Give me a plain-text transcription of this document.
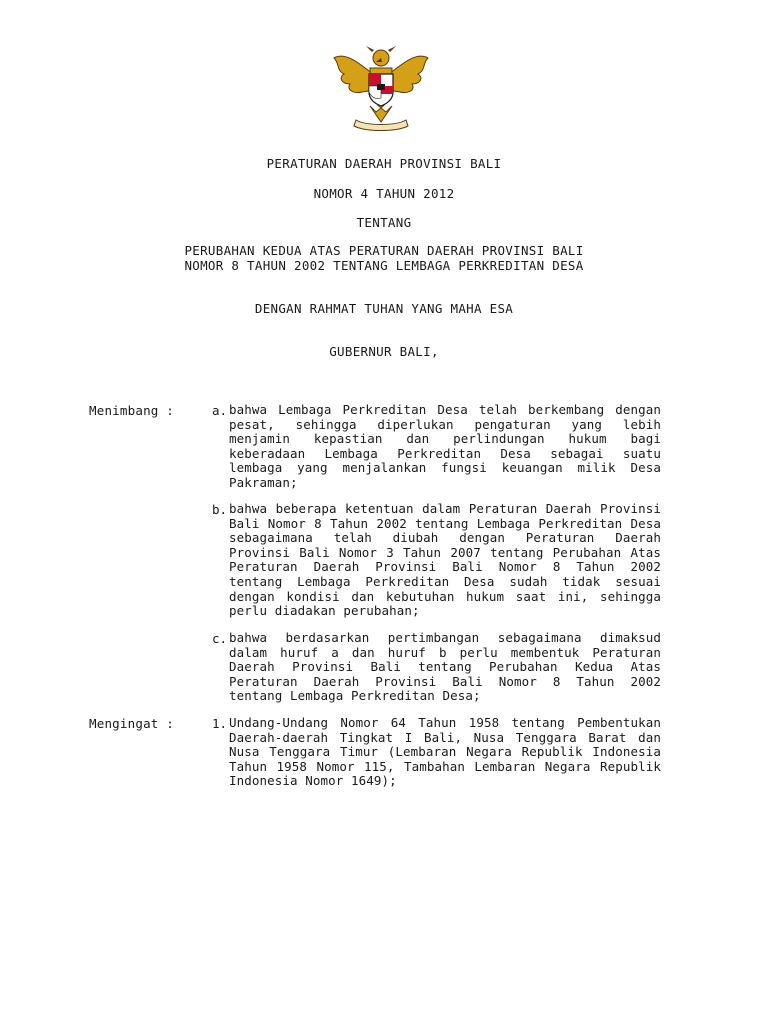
PERATURAN DAERAH PROVINSI BALI
NOMOR 4 TAHUN 2012
TENTANG
PERUBAHAN KEDUA ATAS PERATURAN DAERAH PROVINSI BALI
NOMOR 8 TAHUN 2002 TENTANG LEMBAGA PERKREDITAN DESA
DENGAN RAHMAT TUHAN YANG MAHA ESA
GUBERNUR BALI,
Menimbang :	a. bahwa Lembaga Perkreditan Desa telah berkembang dengan pesat, sehingga diperlukan pengaturan yang lebih menjamin kepastian dan perlindungan hukum bagi keberadaan Lembaga Perkreditan Desa sebagai suatu lembaga yang menjalankan fungsi keuangan milik Desa Pakraman;
b. bahwa beberapa ketentuan dalam Peraturan Daerah Provinsi Bali Nomor 8 Tahun 2002 tentang Lembaga Perkreditan Desa sebagaimana telah diubah dengan Peraturan Daerah Provinsi Bali Nomor 3 Tahun 2007 tentang Perubahan Atas Peraturan Daerah Provinsi Bali Nomor 8 Tahun 2002 tentang Lembaga Perkreditan Desa sudah tidak sesuai dengan kondisi dan kebutuhan hukum saat ini, sehingga perlu diadakan perubahan;
c. bahwa berdasarkan pertimbangan sebagaimana dimaksud dalam huruf a dan huruf b perlu membentuk Peraturan Daerah Provinsi Bali tentang Perubahan Kedua Atas Peraturan Daerah Provinsi Bali Nomor 8 Tahun 2002 tentang Lembaga Perkreditan Desa;
Mengingat :	1. Undang-Undang Nomor 64 Tahun 1958 tentang Pembentukan Daerah-daerah Tingkat I Bali, Nusa Tenggara Barat dan Nusa Tenggara Timur (Lembaran Negara Republik Indonesia Tahun 1958 Nomor 115, Tambahan Lembaran Negara Republik Indonesia Nomor 1649);
